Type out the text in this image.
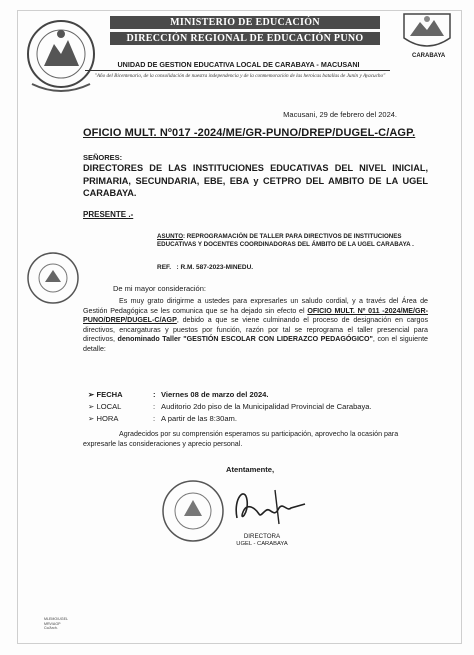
MINISTERIO DE EDUCACIÓN
DIRECCIÓN REGIONAL DE EDUCACIÓN PUNO
CARABAYA
UNIDAD DE GESTION EDUCATIVA LOCAL DE CARABAYA - MACUSANI
"Año del Bicentenario, de la consolidación de nuestra independencia y de la conmemoración de las heroicas batallas de Junín y Ayacucho"
Macusani, 29 de febrero del 2024.
OFICIO MULT. Nº017 -2024/ME/GR-PUNO/DREP/DUGEL-C/AGP.
SEÑORES:
DIRECTORES DE LAS INSTITUCIONES EDUCATIVAS DEL NIVEL INICIAL, PRIMARIA, SECUNDARIA, EBE, EBA y CETPRO DEL AMBITO DE LA UGEL CARABAYA.
PRESENTE .-
ASUNTO: REPROGRAMACIÓN DE TALLER PARA DIRECTIVOS DE INSTITUCIONES EDUCATIVAS Y DOCENTES COORDINADORAS DEL ÁMBITO DE LA UGEL CARABAYA .
REF. : R.M. 587-2023-MINEDU.
De mi mayor consideración:
Es muy grato dirigirme a ustedes para expresarles un saludo cordial, y a través del Área de Gestión Pedagógica se les comunica que se ha dejado sin efecto el OFICIO MULT. Nº 011 -2024/ME/GR-PUNO/DREP/DUGEL-C/AGP, debido a que se viene culminando el proceso de designación en cargos directivos, encargaturas y puestos por función, razón por tal se reprograma el taller presencial para directivos, denominado Taller "GESTIÓN ESCOLAR CON LIDERAZCO PEDAGÓGICO", con el siguiente detalle:
➢ FECHA	: Viernes 08 de marzo del 2024.
➢ LOCAL	: Auditorio 2do piso de la Municipalidad Provincial de Carabaya.
➢ HORA	: A partir de las 8:30am.
Agradecidos por su comprensión esperamos su participación, aprovecho la ocasión para expresarle las consideraciones y aprecio personal.
Atentamente,
DIRECTORA
UGEL - CARABAYA
MLEMO/UGEL
MRV/AGP
Cc/Arch.
